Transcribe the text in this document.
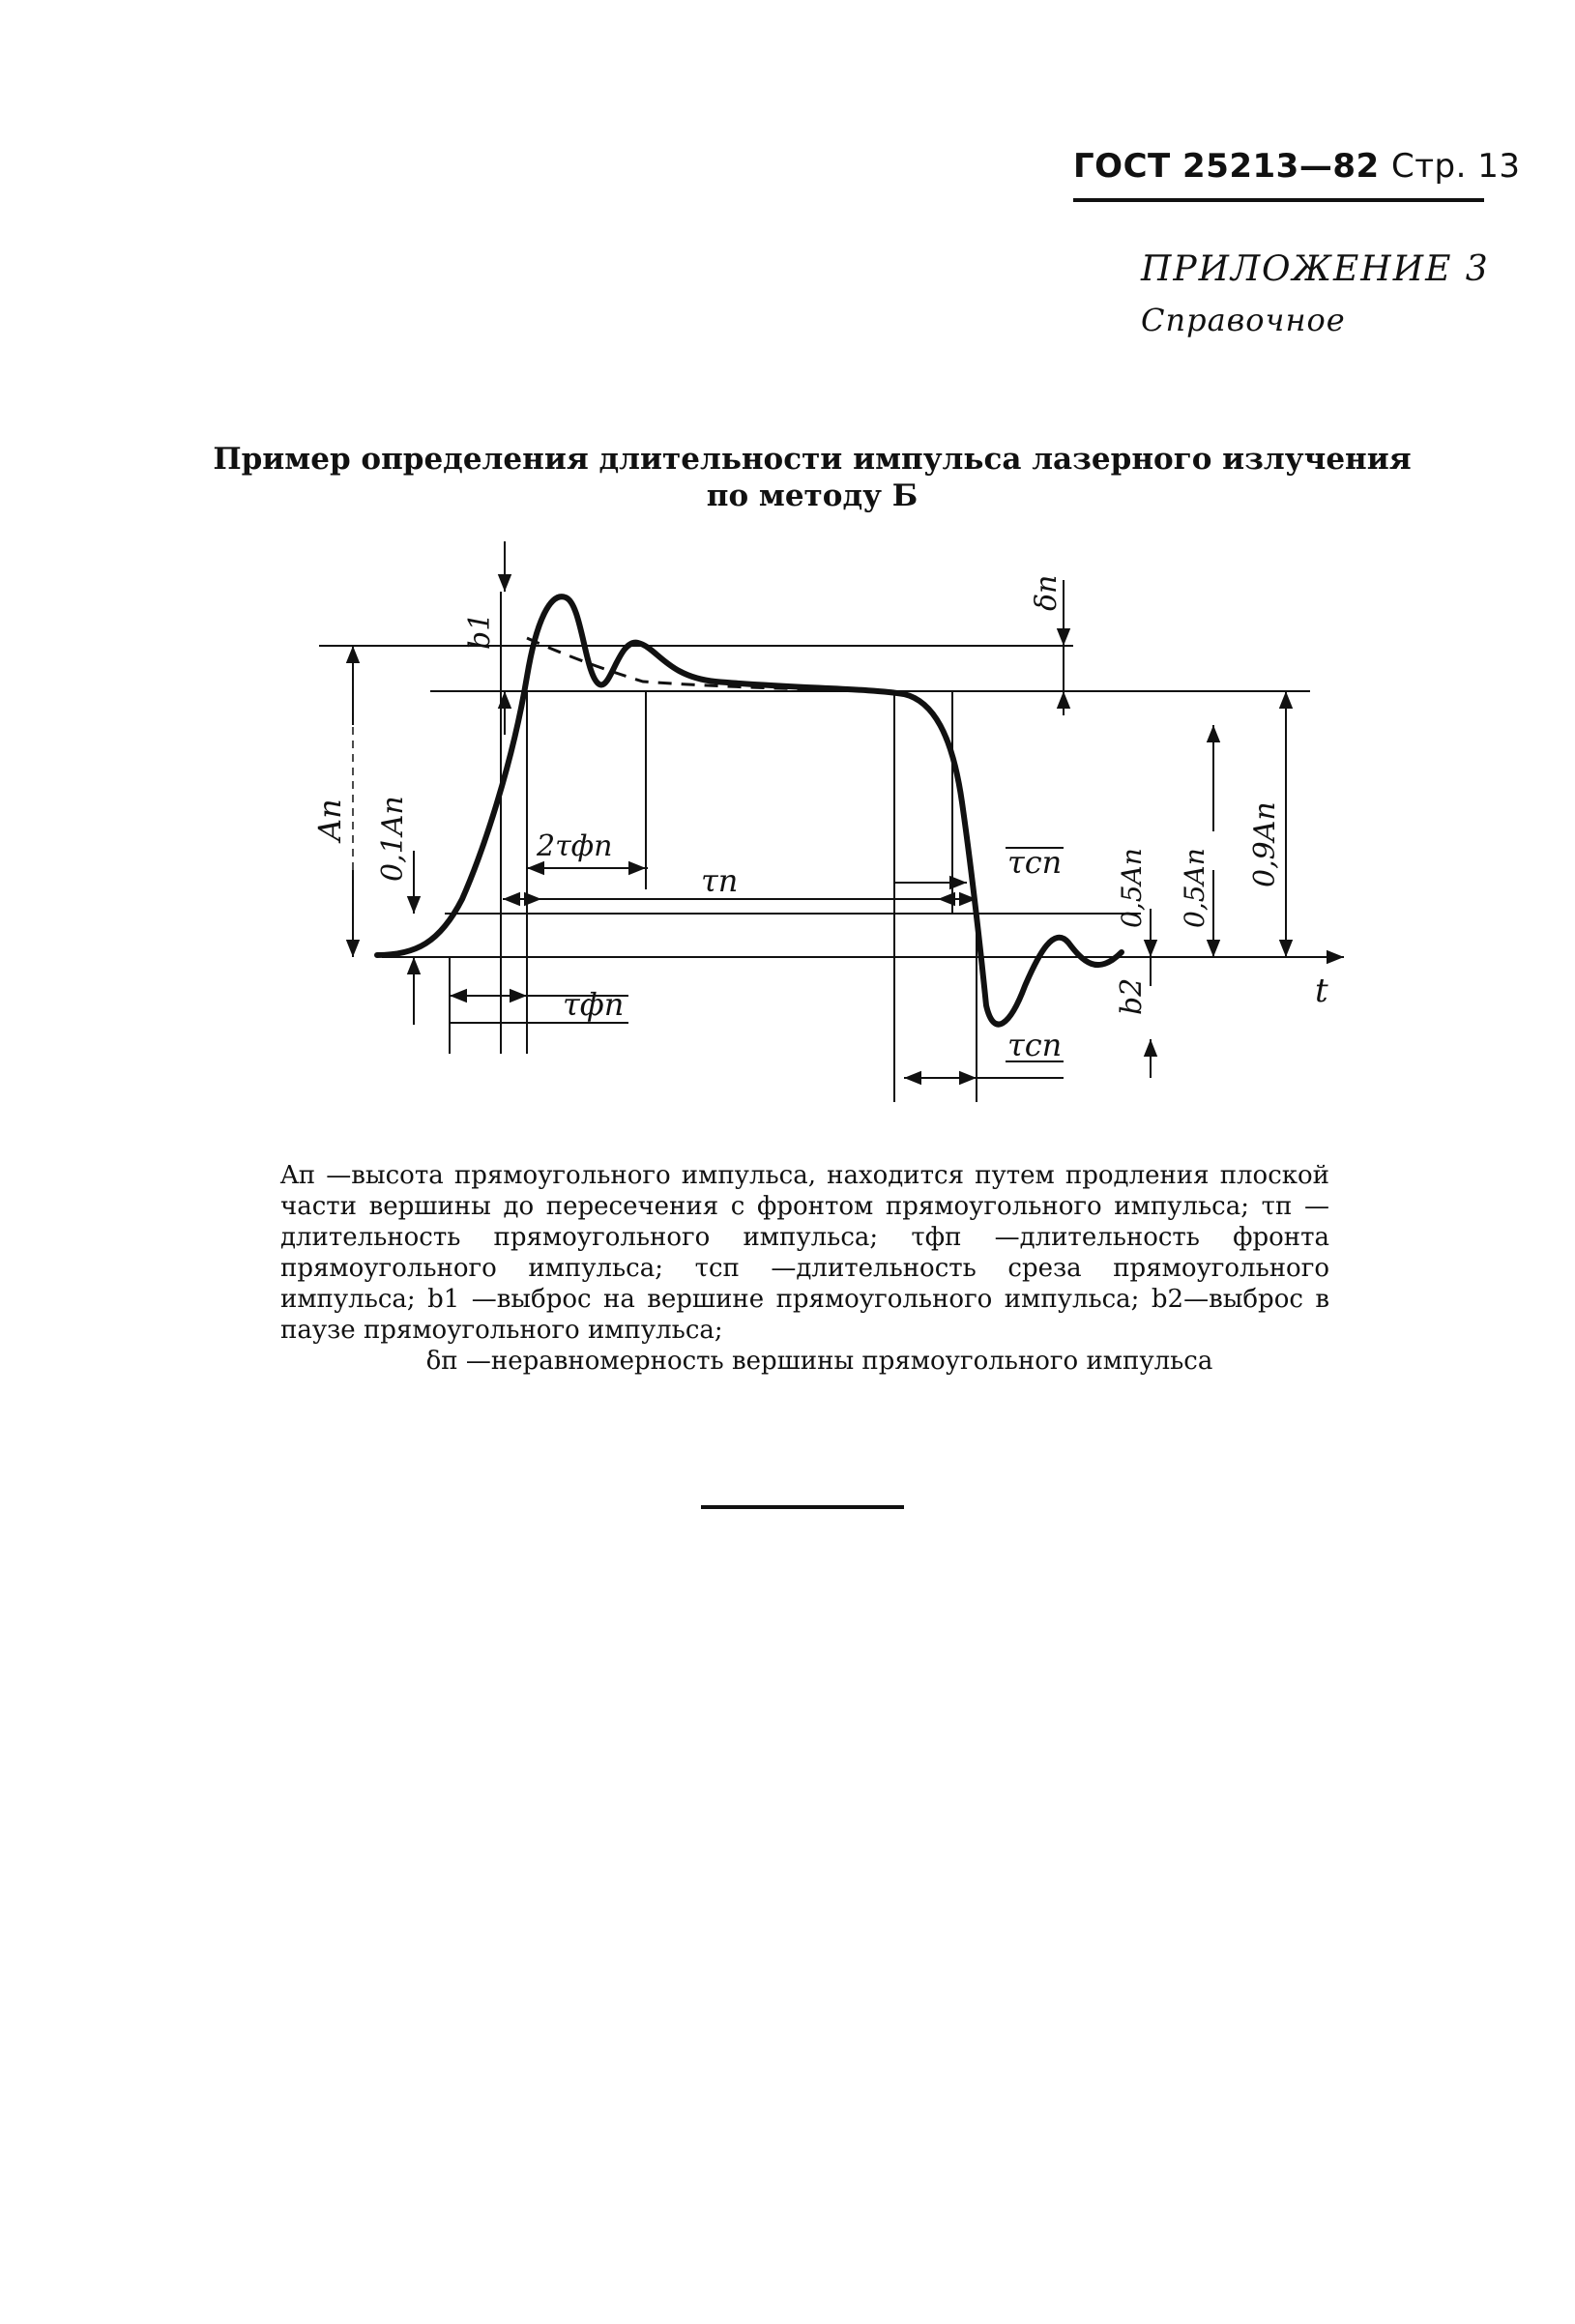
ГОСТ 25213—82 Стр. 13
ПРИЛОЖЕНИЕ 3
Справочное
Пример определения длительности импульса лазерного излучения
по методу Б
b1
δп
Aп 0,1Aп	2τфп
τп	τсп 0,5Aп 0,5Aп
0,9Aп
t
b2
τфп
τсп
Aп —высота прямоугольного импульса, находится путем продления плоской части вершины до пересечения с фронтом прямоугольного импульса; τп —длительность прямоугольного импульса; τфп —длительность фронта прямоугольного импульса; τсп —длительность среза прямоугольного импульса; b1 —выброс на вершине прямоугольного импульса; b2—выброс в паузе прямоугольного импульса;
δп —неравномерность вершины прямоугольного импульса
